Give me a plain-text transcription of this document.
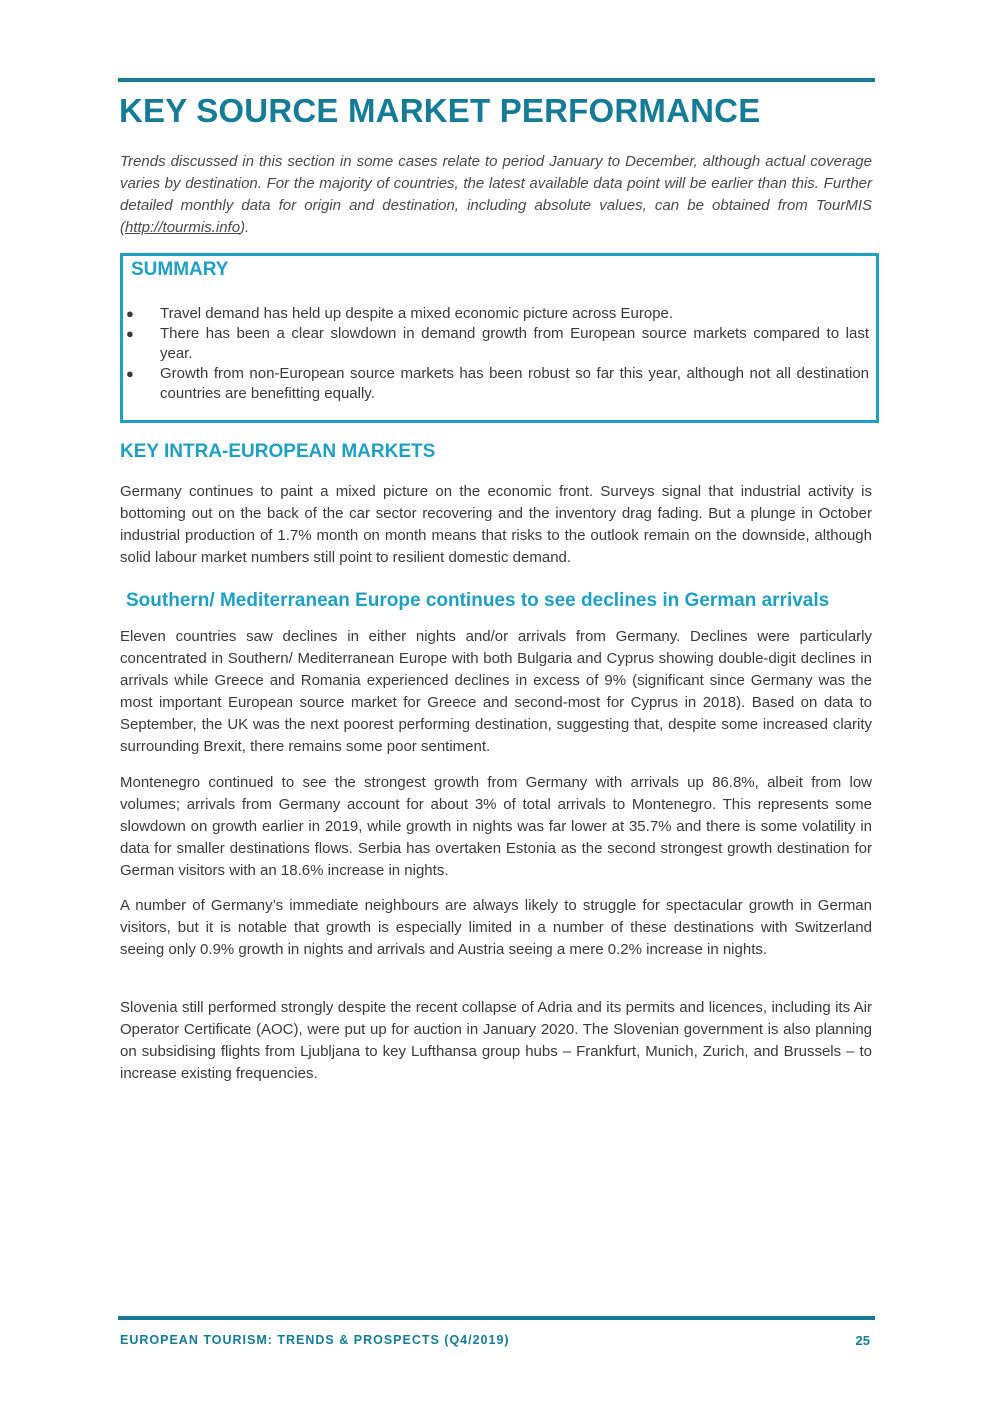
KEY SOURCE MARKET PERFORMANCE

Trends discussed in this section in some cases relate to period January to December, although actual coverage varies by destination. For the majority of countries, the latest available data point will be earlier than this. Further detailed monthly data for origin and destination, including absolute values, can be obtained from TourMIS (http://tourmis.info).

SUMMARY
● Travel demand has held up despite a mixed economic picture across Europe.
● There has been a clear slowdown in demand growth from European source markets compared to last year.
● Growth from non-European source markets has been robust so far this year, although not all destination countries are benefitting equally.
KEY INTRA-EUROPEAN MARKETS

Germany continues to paint a mixed picture on the economic front. Surveys signal that industrial activity is bottoming out on the back of the car sector recovering and the inventory drag fading. But a plunge in October industrial production of 1.7% month on month means that risks to the outlook remain on the downside, although solid labour market numbers still point to resilient domestic demand.

Southern/ Mediterranean Europe continues to see declines in German arrivals

Eleven countries saw declines in either nights and/or arrivals from Germany. Declines were particularly concentrated in Southern/ Mediterranean Europe with both Bulgaria and Cyprus showing double-digit declines in arrivals while Greece and Romania experienced declines in excess of 9% (significant since Germany was the most important European source market for Greece and second-most for Cyprus in 2018). Based on data to September, the UK was the next poorest performing destination, suggesting that, despite some increased clarity surrounding Brexit, there remains some poor sentiment.

Montenegro continued to see the strongest growth from Germany with arrivals up 86.8%, albeit from low volumes; arrivals from Germany account for about 3% of total arrivals to Montenegro. This represents some slowdown on growth earlier in 2019, while growth in nights was far lower at 35.7% and there is some volatility in data for smaller destinations flows. Serbia has overtaken Estonia as the second strongest growth destination for German visitors with an 18.6% increase in nights.

A number of Germany’s immediate neighbours are always likely to struggle for spectacular growth in German visitors, but it is notable that growth is especially limited in a number of these destinations with Switzerland seeing only 0.9% growth in nights and arrivals and Austria seeing a mere 0.2% increase in nights.

Slovenia still performed strongly despite the recent collapse of Adria and its permits and licences, including its Air Operator Certificate (AOC), were put up for auction in January 2020. The Slovenian government is also planning on subsidising flights from Ljubljana to key Lufthansa group hubs – Frankfurt, Munich, Zurich, and Brussels – to increase existing frequencies.

EUROPEAN TOURISM: TRENDS & PROSPECTS (Q4/2019)	25
